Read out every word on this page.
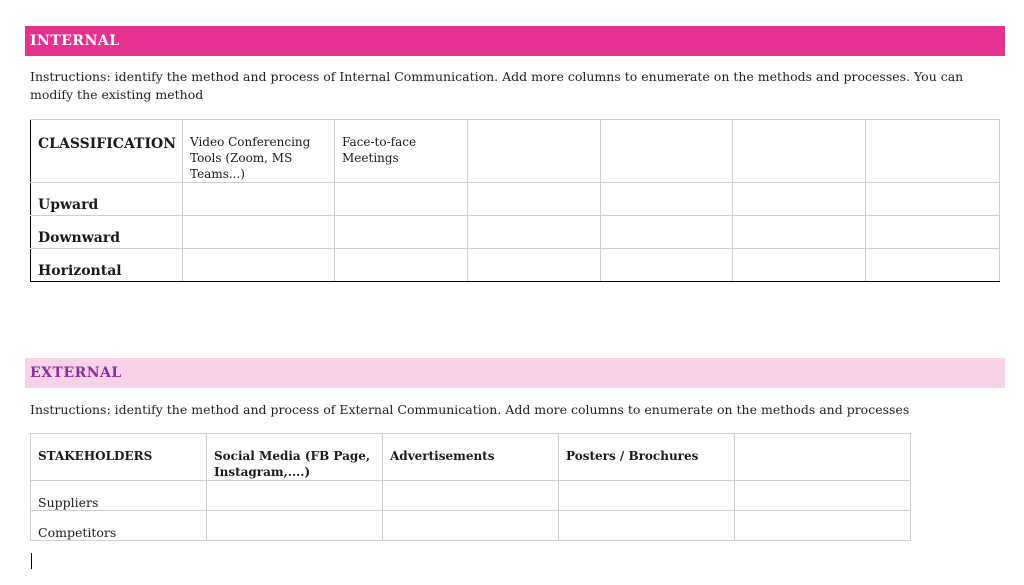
INTERNAL
Instructions: identify the method and process of Internal Communication. Add more columns to enumerate on the methods and processes. You can modify the existing method
CLASSIFICATION	Video Conferencing Tools (Zoom, MS Teams...)	Face-to-face Meetings				

Upward						

Downward						

Horizontal						

EXTERNAL
Instructions: identify the method and process of External Communication. Add more columns to enumerate on the methods and processes
STAKEHOLDERS	Social Media (FB Page, Instagram,....)	Advertisements	Posters / Brochures	

Suppliers				

Competitors				
